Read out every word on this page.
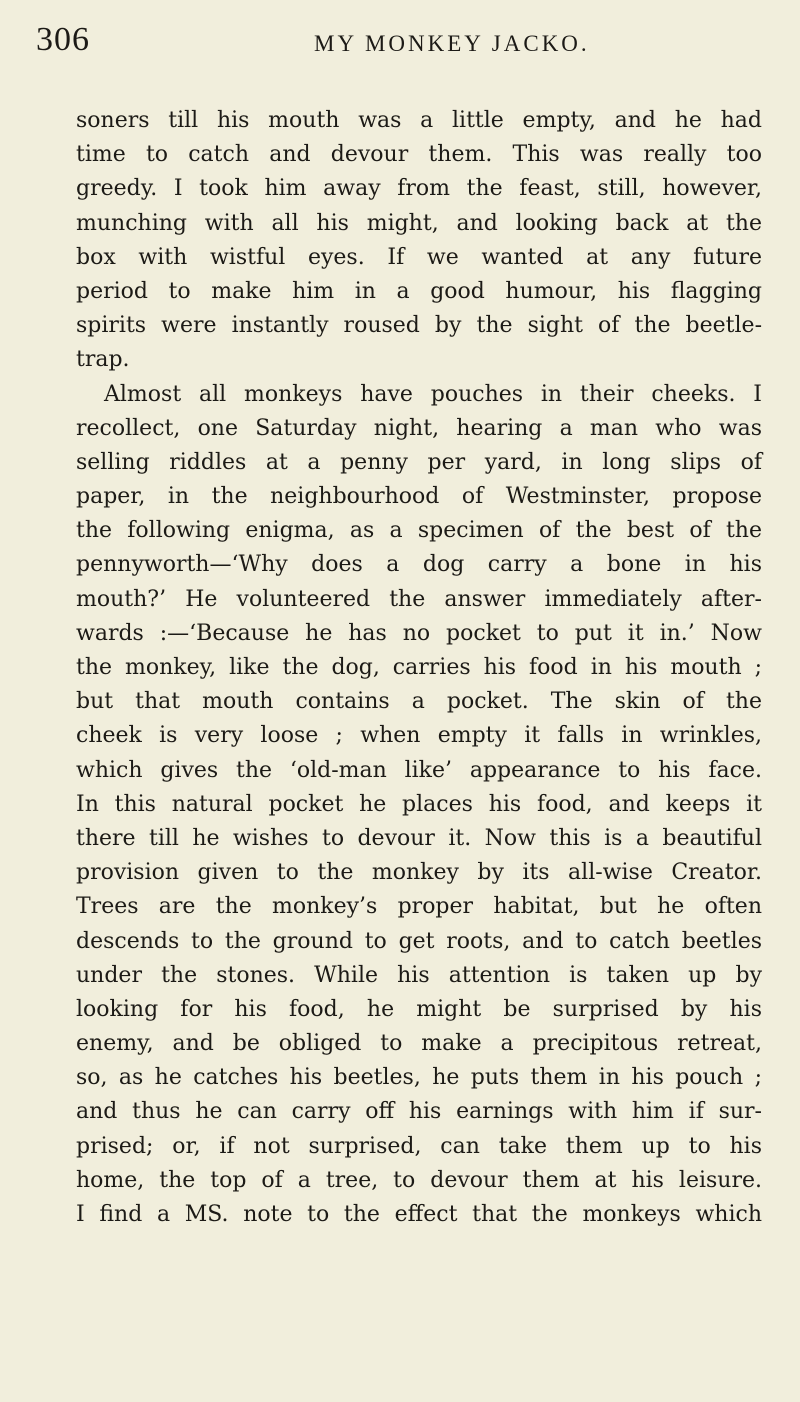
306	MY MONKEY JACKO.
soners till his mouth was a little empty, and he had
time to catch and devour them. This was really too
greedy. I took him away from the feast, still, however,
munching with all his might, and looking back at the
box with wistful eyes. If we wanted at any future
period to make him in a good humour, his flagging
spirits were instantly roused by the sight of the beetle-
trap.
Almost all monkeys have pouches in their cheeks. I
recollect, one Saturday night, hearing a man who was
selling riddles at a penny per yard, in long slips of
paper, in the neighbourhood of Westminster, propose
the following enigma, as a specimen of the best of the
pennyworth—‘Why does a dog carry a bone in his
mouth?’ He volunteered the answer immediately after-
wards :—‘Because he has no pocket to put it in.’ Now
the monkey, like the dog, carries his food in his mouth ;
but that mouth contains a pocket. The skin of the
cheek is very loose ; when empty it falls in wrinkles,
which gives the ‘old-man like’ appearance to his face.
In this natural pocket he places his food, and keeps it
there till he wishes to devour it. Now this is a beautiful
provision given to the monkey by its all-wise Creator.
Trees are the monkey’s proper habitat, but he often
descends to the ground to get roots, and to catch beetles
under the stones. While his attention is taken up by
looking for his food, he might be surprised by his
enemy, and be obliged to make a precipitous retreat,
so, as he catches his beetles, he puts them in his pouch ;
and thus he can carry off his earnings with him if sur-
prised; or, if not surprised, can take them up to his
home, the top of a tree, to devour them at his leisure.
I find a MS. note to the effect that the monkeys which
